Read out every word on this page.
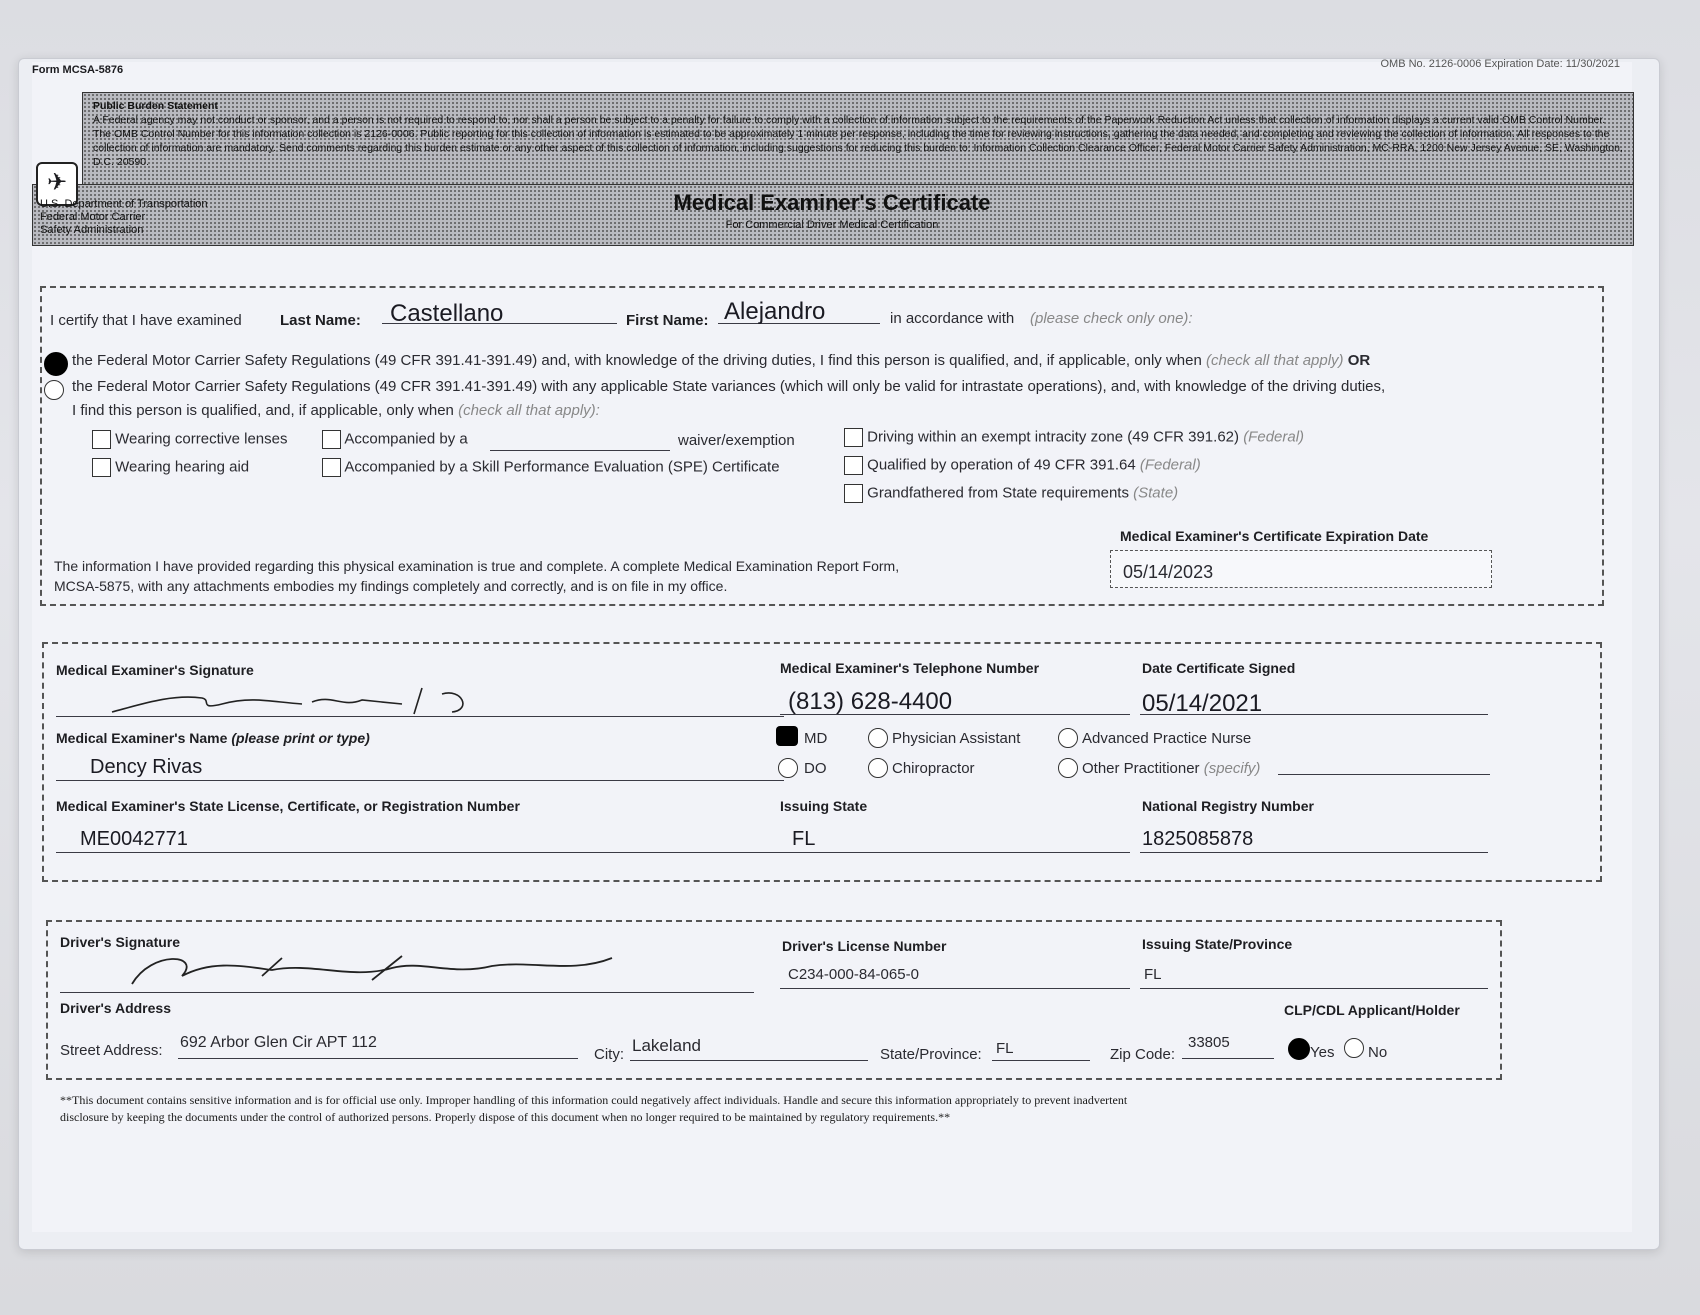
Form MCSA-5876	OMB No. 2126-0006 Expiration Date: 11/30/2021
Public Burden Statement
A Federal agency may not conduct or sponsor, and a person is not required to respond to, nor shall a person be subject to a penalty for failure to comply with a collection of information subject to the requirements of the Paperwork Reduction Act unless that collection of information displays a current valid OMB Control Number. The OMB Control Number for this information collection is 2126-0006. Public reporting for this collection of information is estimated to be approximately 1 minute per response, including the time for reviewing instructions, gathering the data needed, and completing and reviewing the collection of information. All responses to the collection of information are mandatory. Send comments regarding this burden estimate or any other aspect of this collection of information, including suggestions for reducing this burden to: Information Collection Clearance Officer, Federal Motor Carrier Safety Administration, MC-RRA, 1200 New Jersey Avenue, SE, Washington, D.C. 20590.
✈
U.S. Department of Transportation
Federal Motor Carrier
Safety Administration
Medical Examiner's Certificate
For Commercial Driver Medical Certification
I certify that I have examined	Last Name: Castellano	First Name: Alejandro	in accordance with (please check only one):
the Federal Motor Carrier Safety Regulations (49 CFR 391.41-391.49) and, with knowledge of the driving duties, I find this person is qualified, and, if applicable, only when (check all that apply) OR
the Federal Motor Carrier Safety Regulations (49 CFR 391.41-391.49) with any applicable State variances (which will only be valid for intrastate operations), and, with knowledge of the driving duties,
I find this person is qualified, and, if applicable, only when (check all that apply):
Wearing corrective lenses
Wearing hearing aid
Accompanied by a	waiver/exemption
Accompanied by a Skill Performance Evaluation (SPE) Certificate
Driving within an exempt intracity zone (49 CFR 391.62) (Federal)
Qualified by operation of 49 CFR 391.64 (Federal)
Grandfathered from State requirements (State)
The information I have provided regarding this physical examination is true and complete. A complete Medical Examination Report Form,
MCSA-5875, with any attachments embodies my findings completely and correctly, and is on file in my office.
Medical Examiner's Certificate Expiration Date
05/14/2023
Medical Examiner's Signature	Medical Examiner's Telephone Number
(813) 628-4400
Date Certificate Signed
05/14/2021
Medical Examiner's Name (please print or type)
Dency Rivas
MD
DO
Physician Assistant
Chiropractor
Advanced Practice Nurse
Other Practitioner (specify)
Medical Examiner's State License, Certificate, or Registration Number
ME0042771
Issuing State
FL
National Registry Number
1825085878
Driver's Signature	Driver's License Number
C234-000-84-065-0
Issuing State/Province
FL
Driver's Address	CLP/CDL Applicant/Holder
Street Address: 692 Arbor Glen Cir APT 112
City: Lakeland	State/Province: FL	Zip Code:
33805
Yes No
**This document contains sensitive information and is for official use only. Improper handling of this information could negatively affect individuals. Handle and secure this information appropriately to prevent inadvertent
disclosure by keeping the documents under the control of authorized persons. Properly dispose of this document when no longer required to be maintained by regulatory requirements.**
